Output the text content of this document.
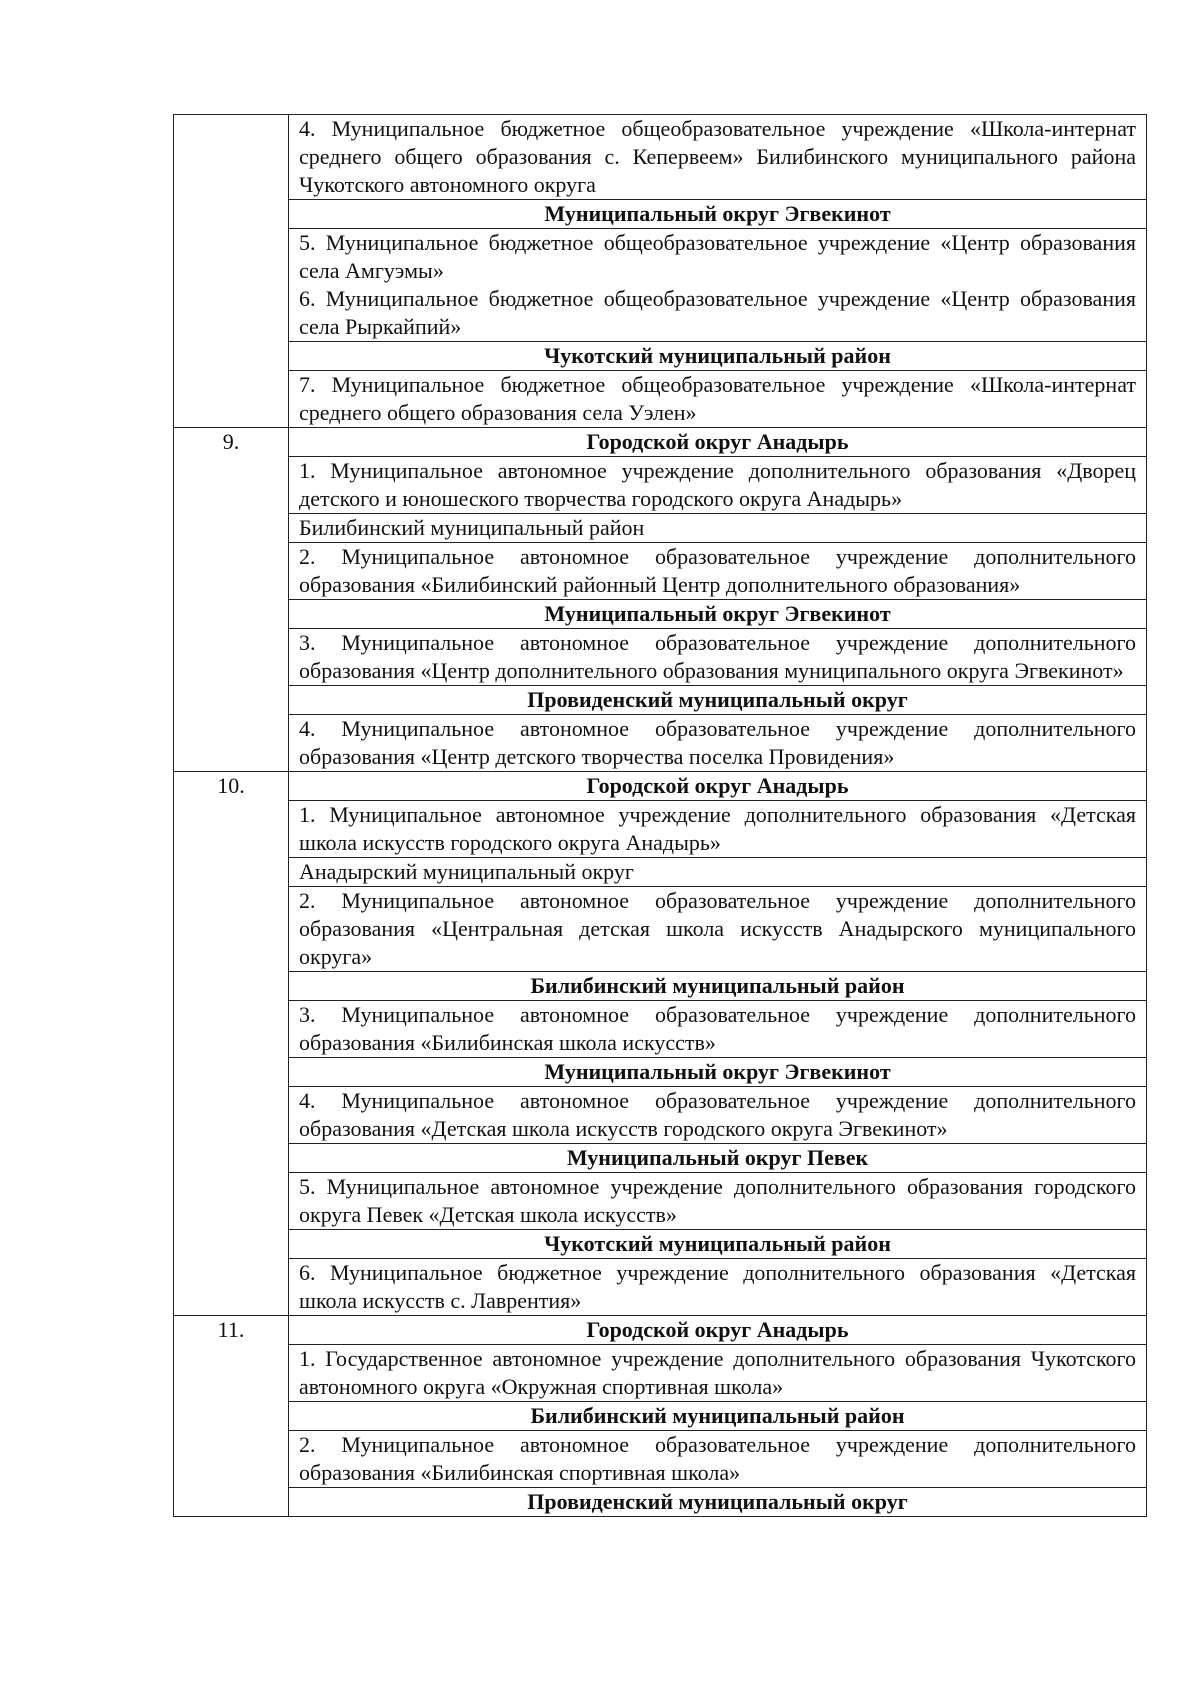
	4. Муниципальное бюджетное общеобразовательное учреждение «Школа-интернат среднего общего образования с. Кепервеем» Билибинского муниципального района Чукотского автономного округа

	Муниципальный округ Эгвекинот

	5. Муниципальное бюджетное общеобразовательное учреждение «Центр образования села Амгуэмы»
6. Муниципальное бюджетное общеобразовательное учреждение «Центр образования села Рыркайпий»

	Чукотский муниципальный район

	7. Муниципальное бюджетное общеобразовательное учреждение «Школа-интернат среднего общего образования села Уэлен»

9.	Городской округ Анадырь

	1. Муниципальное автономное учреждение дополнительного образования «Дворец детского и юношеского творчества городского округа Анадырь»

	Билибинский муниципальный район

	2. Муниципальное автономное образовательное учреждение дополнительного образования «Билибинский районный Центр дополнительного образования»

	Муниципальный округ Эгвекинот

	3. Муниципальное автономное образовательное учреждение дополнительного образования «Центр дополнительного образования муниципального округа Эгвекинот»

	Провиденский муниципальный округ

	4. Муниципальное автономное образовательное учреждение дополнительного образования «Центр детского творчества поселка Провидения»

10.	Городской округ Анадырь

	1. Муниципальное автономное учреждение дополнительного образования «Детская школа искусств городского округа Анадырь»

	Анадырский муниципальный округ

	2. Муниципальное автономное образовательное учреждение дополнительного образования «Центральная детская школа искусств Анадырского муниципального округа»

	Билибинский муниципальный район

	3. Муниципальное автономное образовательное учреждение дополнительного образования «Билибинская школа искусств»

	Муниципальный округ Эгвекинот

	4. Муниципальное автономное образовательное учреждение дополнительного образования «Детская школа искусств городского округа Эгвекинот»

	Муниципальный округ Певек

	5. Муниципальное автономное учреждение дополнительного образования городского округа Певек «Детская школа искусств»

	Чукотский муниципальный район

	6. Муниципальное бюджетное учреждение дополнительного образования «Детская школа искусств с. Лаврентия»

11.	Городской округ Анадырь

	1. Государственное автономное учреждение дополнительного образования Чукотского автономного округа «Окружная спортивная школа»

	Билибинский муниципальный район

	2. Муниципальное автономное образовательное учреждение дополнительного образования «Билибинская спортивная школа»

	Провиденский муниципальный округ
